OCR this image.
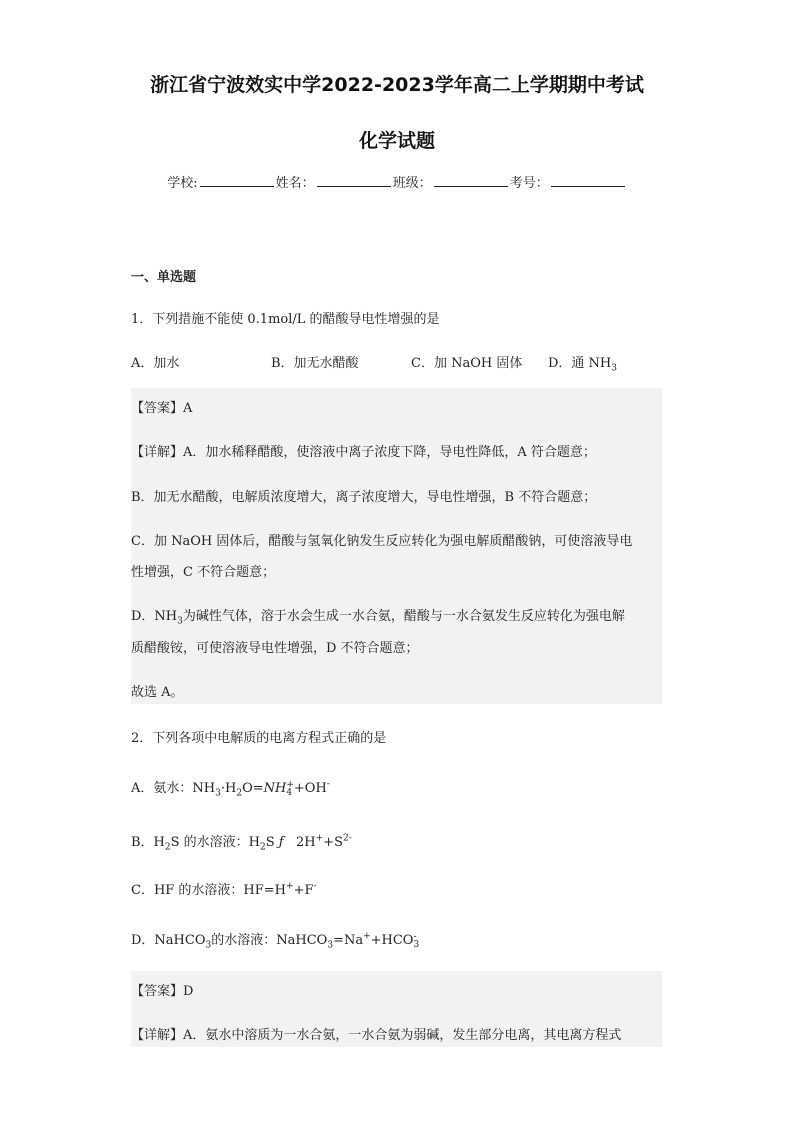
浙江省宁波效实中学2022-2023学年高二上学期期中考试
化学试题
学校:	姓名：	班级：	考号：
一、单选题
1．下列措施不能使 0.1mol/L 的醋酸导电性增强的是
A．加水	B．加无水醋酸	C．加 NaOH 固体 D．通 $NH_3$
【答案】A
【详解】A．加水稀释醋酸，使溶液中离子浓度下降，导电性降低，A 符合题意；
B．加无水醋酸，电解质浓度增大，离子浓度增大，导电性增强，B 不符合题意；
C．加 NaOH 固体后，醋酸与氢氧化钠发生反应转化为强电解质醋酸钠，可使溶液导电
性增强，C 不符合题意；
D．$NH_3$为碱性气体，溶于水会生成一水合氨，醋酸与一水合氨发生反应转化为强电解
质醋酸铵，可使溶液导电性增强，D 不符合题意；
故选 A。
2．下列各项中电解质的电离方程式正确的是
A．氨水：$NH_3\cdot H_2O=NH$ +
4 +OH-
B．$H_2S$ 的水溶液：$H_2S$ ƒ $2H^++S^{2-}$
C．HF 的水溶液：HF=H++F-
D．NaHCO$_3$的水溶液：NaHCO$_3$=Na++HCO -
3
【答案】D
【详解】A．氨水中溶质为一水合氨，一水合氨为弱碱，发生部分电离，其电离方程式
